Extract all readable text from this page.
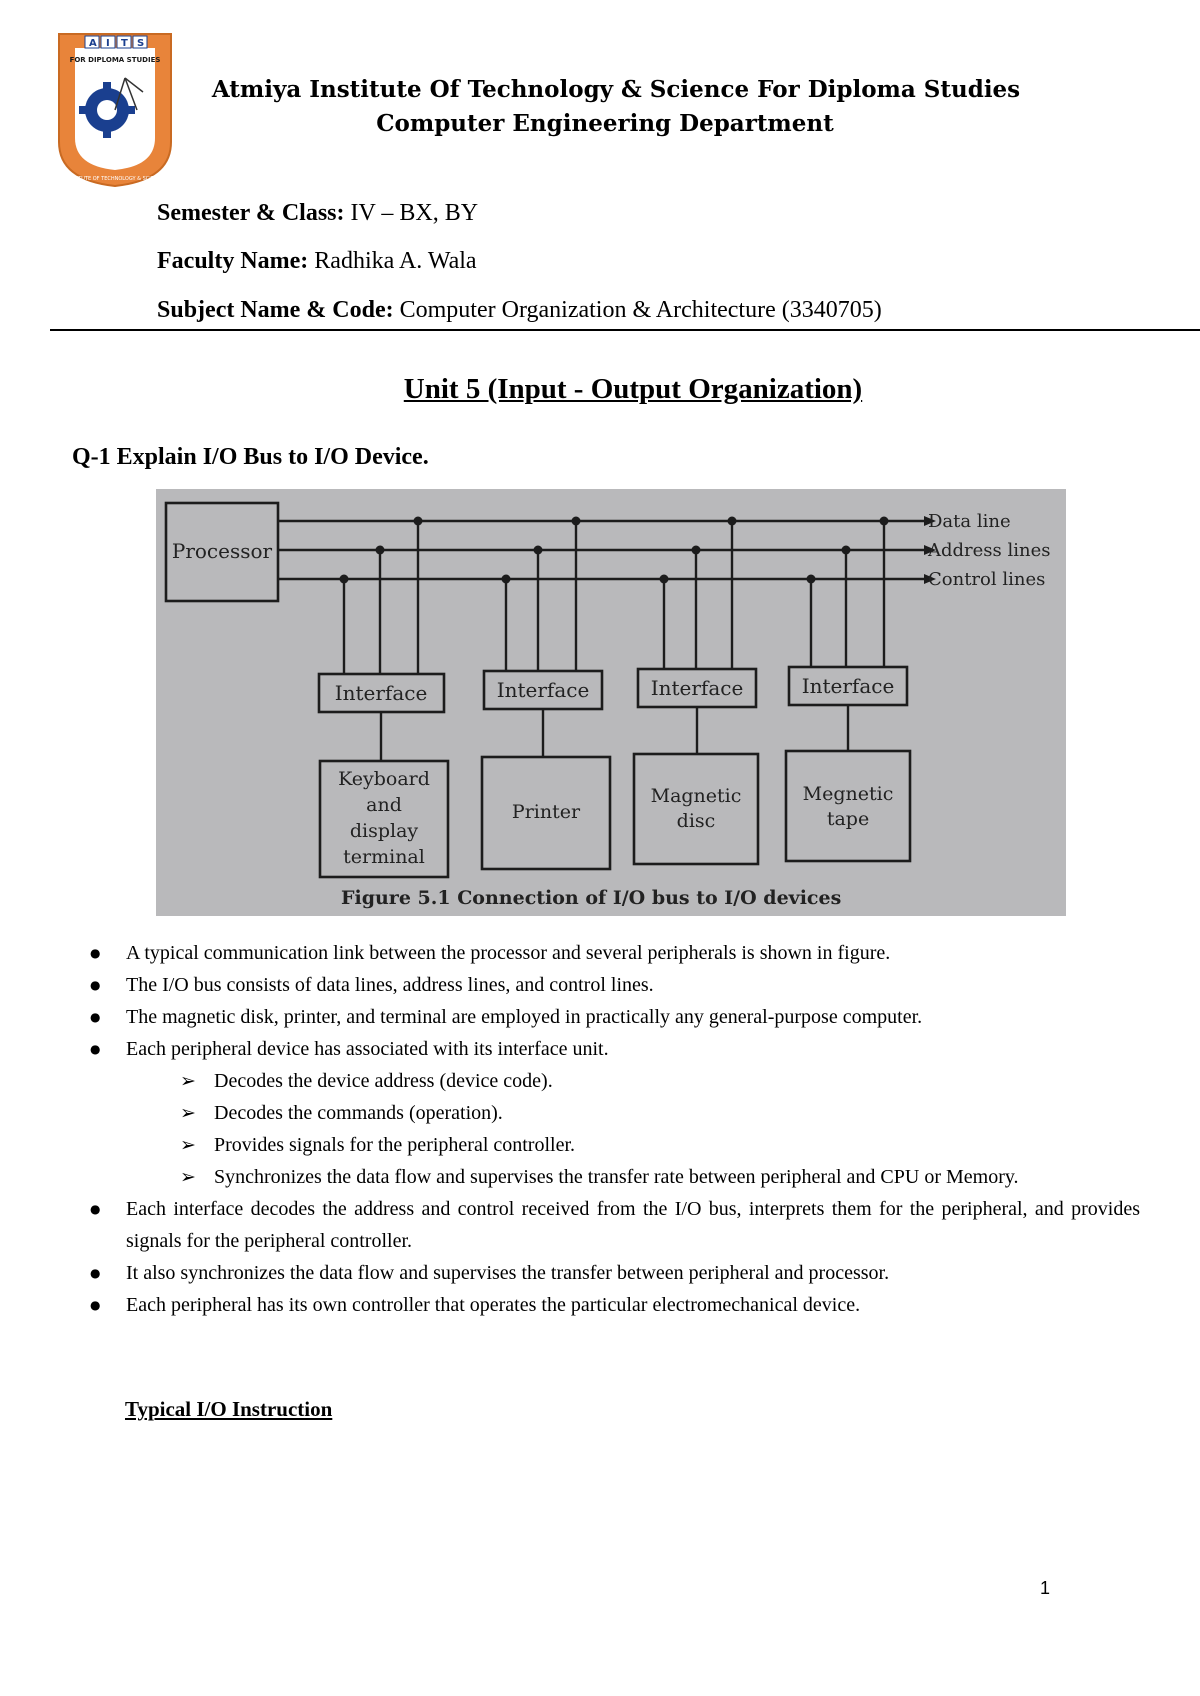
A I T S
FOR DIPLOMA STUDIES
ATMIYA INSTITUTE OF TECHNOLOGY & SCIENCE-RAJKOT
Atmiya Institute Of Technology & Science For Diploma Studies
Computer Engineering Department
Semester & Class: IV – BX, BY
Faculty Name: Radhika A. Wala
Subject Name & Code: Computer Organization & Architecture (3340705)
Unit 5 (Input - Output Organization)
Q-1 Explain I/O Bus to I/O Device.
Processor
Data line
Address lines
Control lines
Interface	Interface	Interface	Interface
Keyboard
and
display
terminal
Printer
Magnetic
disc
Megnetic
tape
Figure 5.1 Connection of I/O bus to I/O devices
● A typical communication link between the processor and several peripherals is shown in figure.
● The I/O bus consists of data lines, address lines, and control lines.
● The magnetic disk, printer, and terminal are employed in practically any general-purpose computer.
● Each peripheral device has associated with its interface unit.
➢ Decodes the device address (device code).
➢ Decodes the commands (operation).
➢ Provides signals for the peripheral controller.
➢ Synchronizes the data flow and supervises the transfer rate between peripheral and CPU or Memory.
● Each interface decodes the address and control received from the I/O bus, interprets them for the peripheral, and provides signals for the peripheral controller.
● It also synchronizes the data flow and supervises the transfer between peripheral and processor.
● Each peripheral has its own controller that operates the particular electromechanical device.
Typical I/O Instruction
1
